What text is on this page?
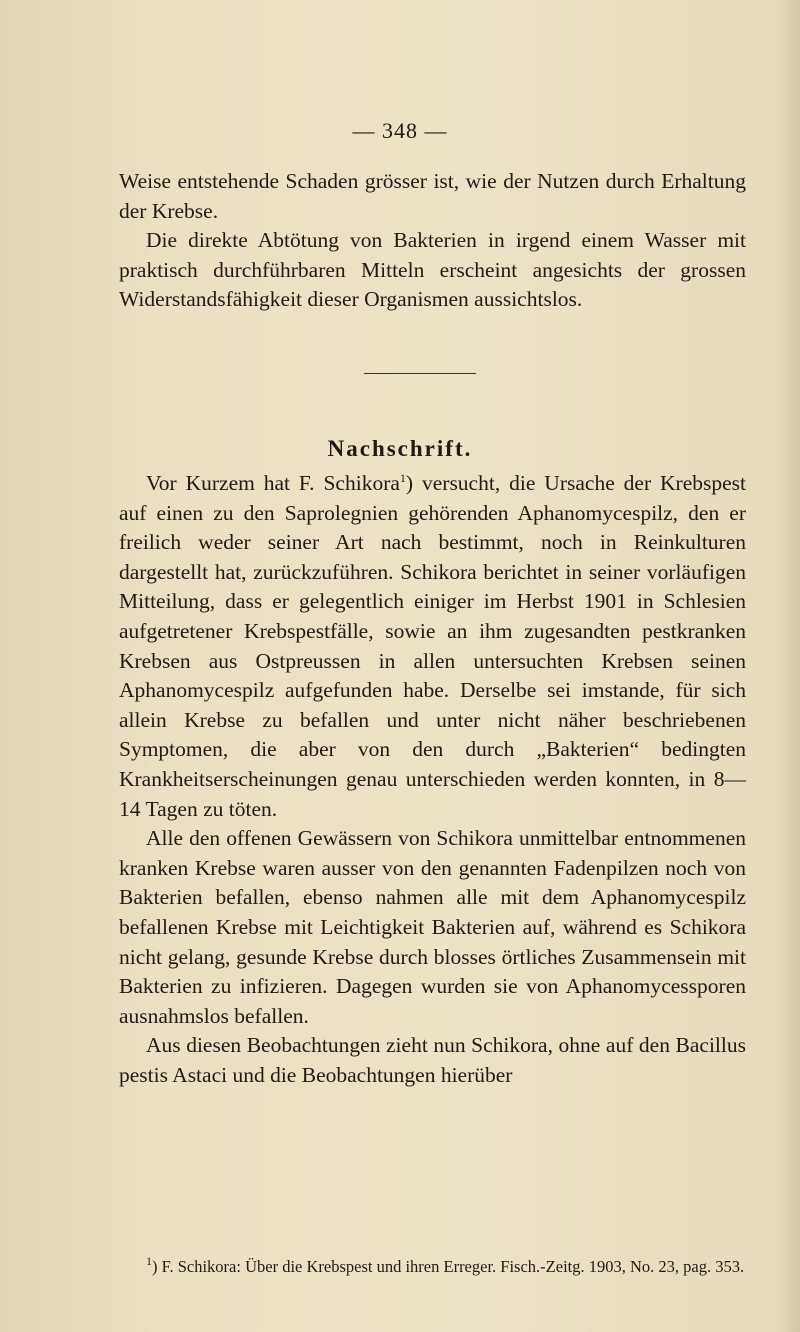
— 348 —

Weise entstehende Schaden grösser ist, wie der Nutzen durch Erhaltung der Krebse.

Die direkte Abtötung von Bakterien in irgend einem Wasser mit praktisch durchführbaren Mitteln erscheint angesichts der grossen Widerstandsfähigkeit dieser Organismen aussichtslos.

Nachschrift.

Vor Kurzem hat F. Schikora$^1$) versucht, die Ursache der Krebspest auf einen zu den Saprolegnien gehörenden Aphanomycespilz, den er freilich weder seiner Art nach bestimmt, noch in Reinkulturen dargestellt hat, zurückzuführen. Schikora berichtet in seiner vorläufigen Mitteilung, dass er gelegentlich einiger im Herbst 1901 in Schlesien aufgetretener Krebspestfälle, sowie an ihm zugesandten pestkranken Krebsen aus Ostpreussen in allen untersuchten Krebsen seinen Aphanomycespilz aufgefunden habe. Derselbe sei imstande, für sich allein Krebse zu befallen und unter nicht näher beschriebenen Symptomen, die aber von den durch „Bakterien“ bedingten Krankheitserscheinungen genau unterschieden werden konnten, in 8—14 Tagen zu töten.

Alle den offenen Gewässern von Schikora unmittelbar entnommenen kranken Krebse waren ausser von den genannten Fadenpilzen noch von Bakterien befallen, ebenso nahmen alle mit dem Aphanomycespilz befallenen Krebse mit Leichtigkeit Bakterien auf, während es Schikora nicht gelang, gesunde Krebse durch blosses örtliches Zusammensein mit Bakterien zu infizieren. Dagegen wurden sie von Aphanomycessporen ausnahmslos befallen.

Aus diesen Beobachtungen zieht nun Schikora, ohne auf den Bacillus pestis Astaci und die Beobachtungen hierüber

$^1$) F. Schikora: Über die Krebspest und ihren Erreger. Fisch.-Zeitg. 1903, No. 23, pag. 353.
